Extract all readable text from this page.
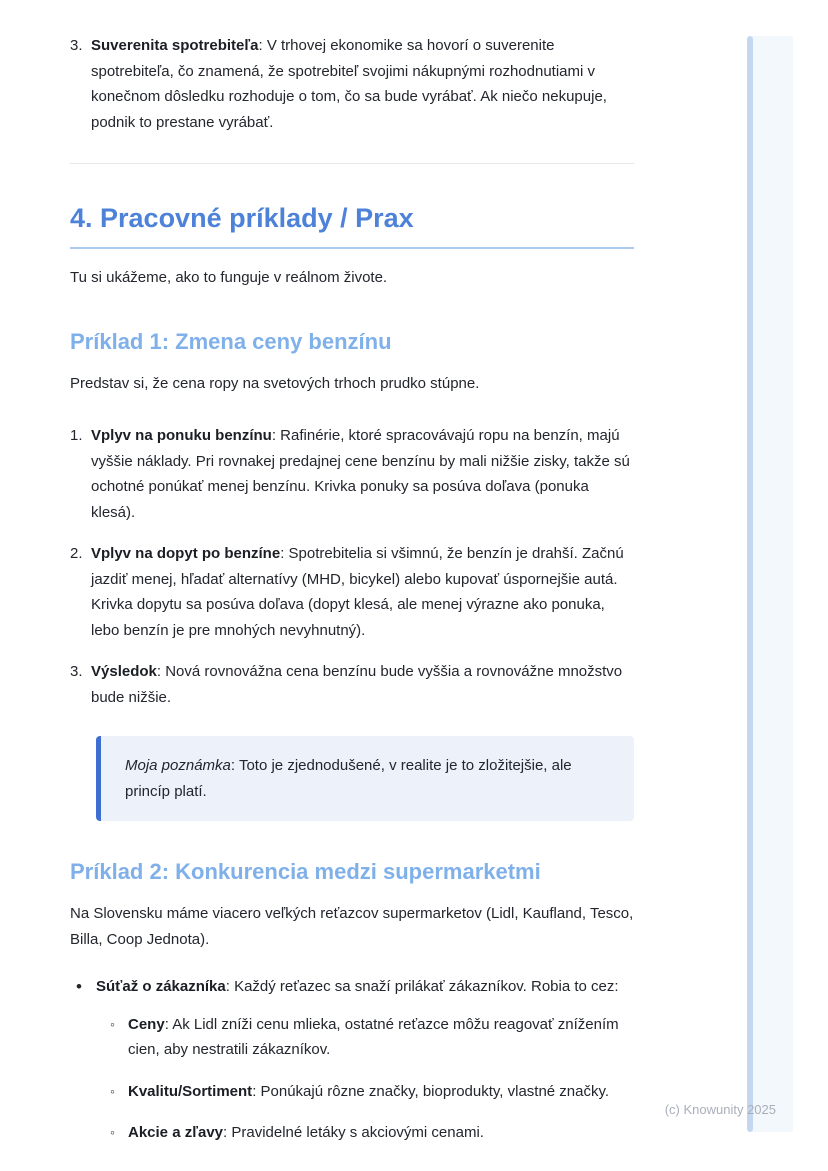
3. Suverenita spotrebiteľa: V trhovej ekonomike sa hovorí o suverenite spotrebiteľa, čo znamená, že spotrebiteľ svojimi nákupnými rozhodnutiami v konečnom dôsledku rozhoduje o tom, čo sa bude vyrábať. Ak niečo nekupuje, podnik to prestane vyrábať.

4. Pracovné príklady / Prax

Tu si ukážeme, ako to funguje v reálnom živote.

Príklad 1: Zmena ceny benzínu

Predstav si, že cena ropy na svetových trhoch prudko stúpne.

1. Vplyv na ponuku benzínu: Rafinérie, ktoré spracovávajú ropu na benzín, majú vyššie náklady. Pri rovnakej predajnej cene benzínu by mali nižšie zisky, takže sú ochotné ponúkať menej benzínu. Krivka ponuky sa posúva doľava (ponuka klesá).

2. Vplyv na dopyt po benzíne: Spotrebitelia si všimnú, že benzín je drahší. Začnú jazdiť menej, hľadať alternatívy (MHD, bicykel) alebo kupovať úspornejšie autá. Krivka dopytu sa posúva doľava (dopyt klesá, ale menej výrazne ako ponuka, lebo benzín je pre mnohých nevyhnutný).

3. Výsledok: Nová rovnovážna cena benzínu bude vyššia a rovnovážne množstvo bude nižšie.

Moja poznámka: Toto je zjednodušené, v realite je to zložitejšie, ale princíp platí.

Príklad 2: Konkurencia medzi supermarketmi

Na Slovensku máme viacero veľkých reťazcov supermarketov (Lidl, Kaufland, Tesco, Billa, Coop Jednota).

•

Súťaž o zákazníka: Každý reťazec sa snaží prilákať zákazníkov. Robia to cez:

◦

Ceny: Ak Lidl zníži cenu mlieka, ostatné reťazce môžu reagovať znížením cien, aby nestratili zákazníkov.

◦

Kvalitu/Sortiment: Ponúkajú rôzne značky, bioprodukty, vlastné značky.

◦

Akcie a zľavy: Pravidelné letáky s akciovými cenami.

(c) Knowunity 2025
